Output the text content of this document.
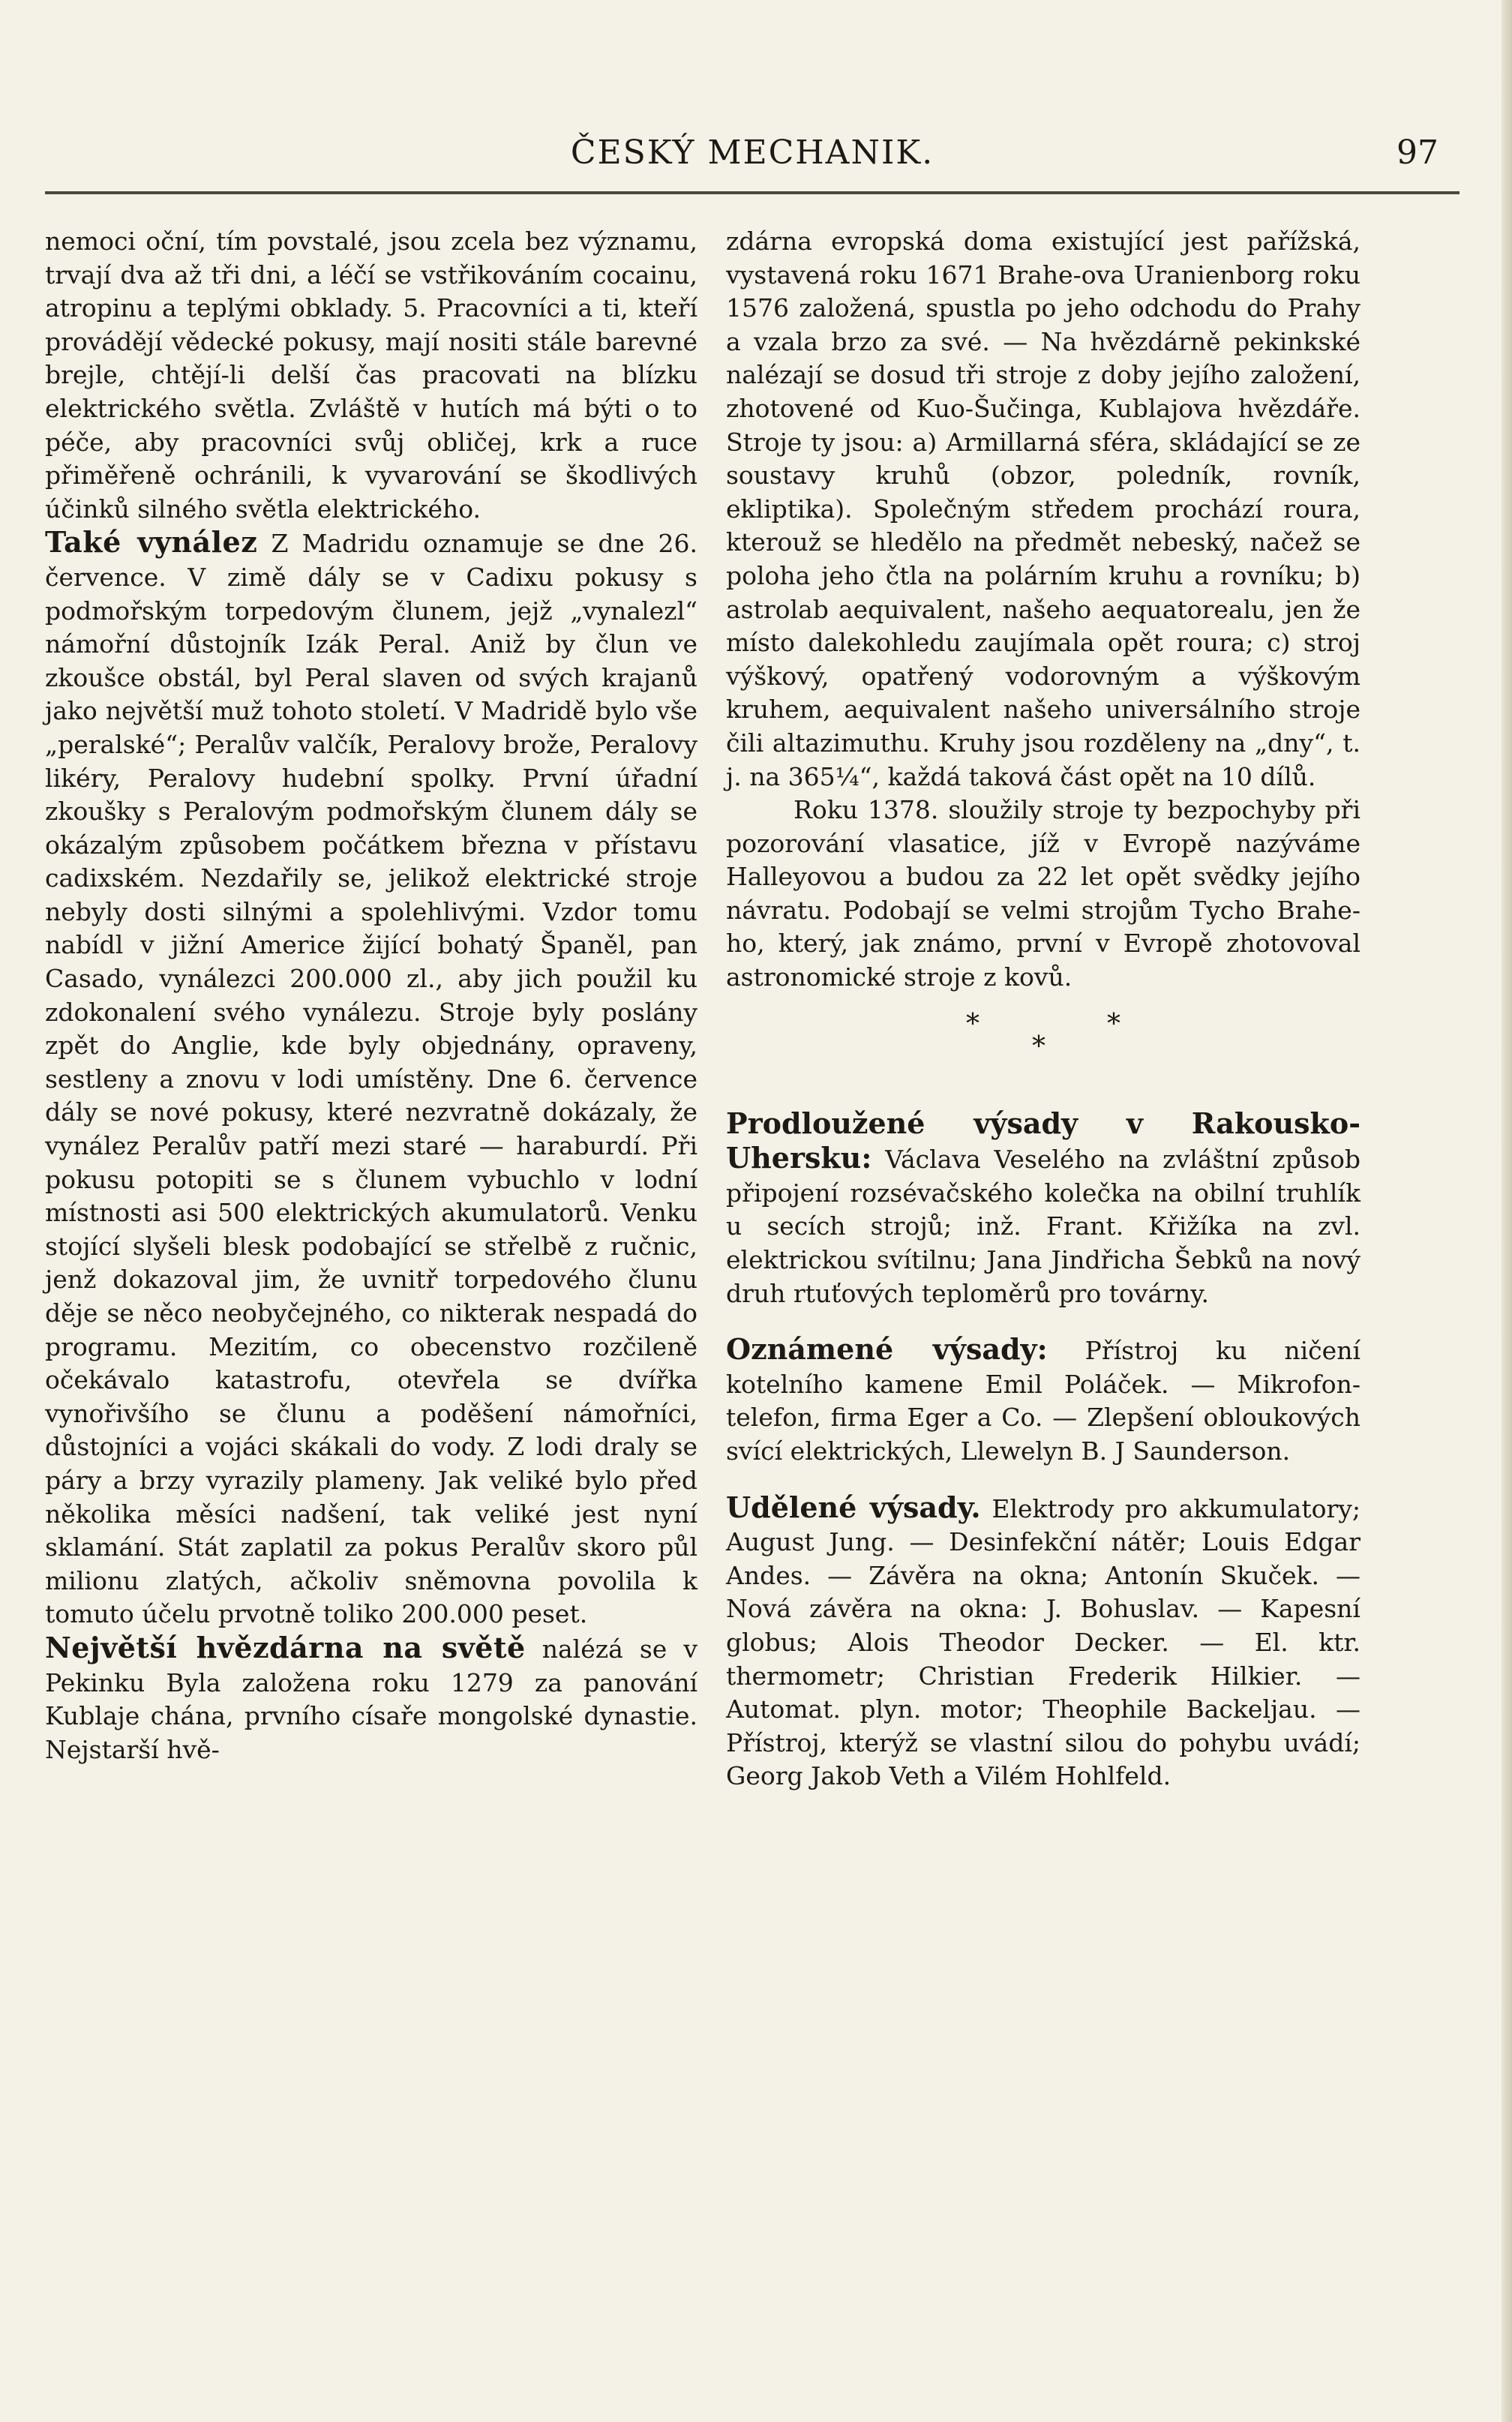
ČESKÝ MECHANIK.	97

nemoci oční, tím povstalé, jsou zcela bez významu, trvají dva až tři dni, a léčí se vstřikováním cocainu, atropinu a teplými obklady. 5. Pracovníci a ti, kteří provádějí vědecké pokusy, mají nositi stále barevné brejle, chtějí-li delší čas pracovati na blízku elektrického světla. Zvláště v hutích má býti o to péče, aby pracovníci svůj obličej, krk a ruce přiměřeně ochránili, k vyvarování se škodlivých účinků silného světla elektrického.

Také vynález Z Madridu oznamuje se dne 26. července. V zimě dály se v Cadixu pokusy s podmořským torpedovým člunem, jejž „vynalezl“ námořní důstojník Izák Peral. Aniž by člun ve zkoušce obstál, byl Peral slaven od svých krajanů jako největší muž tohoto století. V Madridě bylo vše „peralské“; Peralův valčík, Peralovy brože, Peralovy likéry, Peralovy hudební spolky. První úřadní zkoušky s Peralovým podmořským člunem dály se okázalým způsobem počátkem března v přístavu cadixském. Nezdařily se, jelikož elektrické stroje nebyly dosti silnými a spolehlivými. Vzdor tomu nabídl v jižní Americe žijící bohatý Španěl, pan Casado, vynálezci 200.000 zl., aby jich použil ku zdokonalení svého vynálezu. Stroje byly poslány zpět do Anglie, kde byly objednány, opraveny, sestleny a znovu v lodi umístěny. Dne 6. července dály se nové pokusy, které nezvratně dokázaly, že vynález Peralův patří mezi staré — haraburdí. Při pokusu potopiti se s člunem vybuchlo v lodní místnosti asi 500 elektrických akumulatorů. Venku stojící slyšeli blesk podobající se střelbě z ručnic, jenž dokazoval jim, že uvnitř torpedového člunu děje se něco neobyčejného, co nikterak nespadá do programu. Mezitím, co obecenstvo rozčileně očekávalo katastrofu, otevřela se dvířka vynořivšího se člunu a poděšení námořníci, důstojníci a vojáci skákali do vody. Z lodi draly se páry a brzy vyrazily plameny. Jak veliké bylo před několika měsíci nadšení, tak veliké jest nyní sklamání. Stát zaplatil za pokus Peralův skoro půl milionu zlatých, ačkoliv sněmovna povolila k tomuto účelu prvotně toliko 200.000 peset.

Největší hvězdárna na světě nalézá se v Pekinku Byla založena roku 1279 za panování Kublaje chána, prvního císaře mongolské dynastie. Nejstarší hvě-

zdárna evropská doma existující jest pařížská, vystavená roku 1671 Brahe-ova Uranienborg roku 1576 založená, spustla po jeho odchodu do Prahy a vzala brzo za své. — Na hvězdárně pekinkské nalézají se dosud tři stroje z doby jejího založení, zhotovené od Kuo-Šučinga, Kublajova hvězdáře. Stroje ty jsou: a) Armillarná sféra, skládající se ze soustavy kruhů (obzor, poledník, rovník, ekliptika). Společným středem prochází roura, kterouž se hledělo na předmět nebeský, načež se poloha jeho čtla na polárním kruhu a rovníku; b) astrolab aequivalent, našeho aequatorealu, jen že místo dalekohledu zaujímala opět roura; c) stroj výškový, opatřený vodorovným a výškovým kruhem, aequivalent našeho universálního stroje čili altazimuthu. Kruhy jsou rozděleny na „dny“, t. j. na 365¼“, každá taková část opět na 10 dílů.

Roku 1378. sloužily stroje ty bezpochyby při pozorování vlasatice, jíž v Evropě nazýváme Halleyovou a budou za 22 let opět svědky jejího návratu. Podobají se velmi strojům Tycho Brahe-ho, který, jak známo, první v Evropě zhotovoval astronomické stroje z kovů.

*
*
*

Prodloužené výsady v Rakousko-Uhersku: Václava Veselého na zvláštní způsob připojení rozsévačského kolečka na obilní truhlík u secích strojů; inž. Frant. Křižíka na zvl. elektrickou svítilnu; Jana Jindřicha Šebků na nový druh rtuťových teploměrů pro továrny.

Oznámené výsady: Přístroj ku ničení kotelního kamene Emil Poláček. — Mikrofon-telefon, firma Eger a Co. — Zlepšení obloukových svící elektrických, Llewelyn B. J Saunderson.

Udělené výsady. Elektrody pro akkumulatory; August Jung. — Desinfekční nátěr; Louis Edgar Andes. — Závěra na okna; Antonín Skuček. — Nová závěra na okna: J. Bohuslav. — Kapesní globus; Alois Theodor Decker. — El. ktr. thermometr; Christian Frederik Hilkier. — Automat. plyn. motor; Theophile Backeljau. — Přístroj, kterýž se vlastní silou do pohybu uvádí; Georg Jakob Veth a Vilém Hohlfeld.
